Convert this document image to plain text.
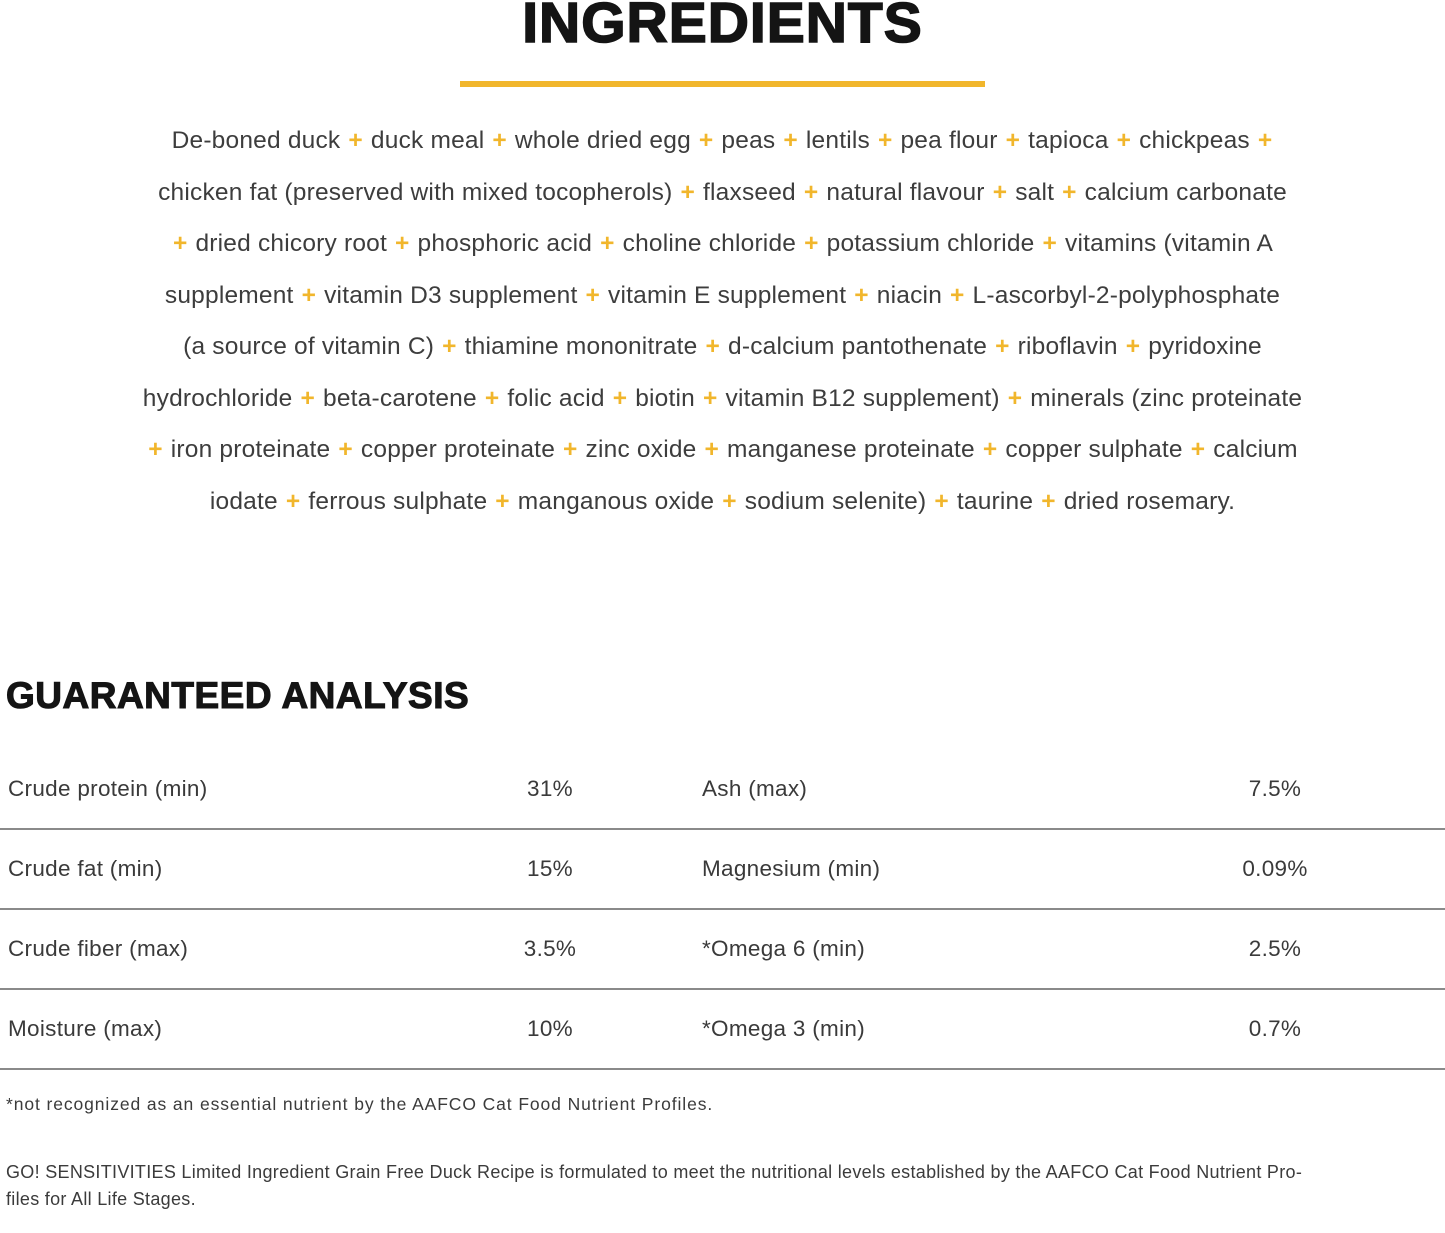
INGREDIENTS
De-boned duck + duck meal + whole dried egg + peas + lentils + pea flour + tapioca + chickpeas +
chicken fat (preserved with mixed tocopherols) + flaxseed + natural flavour + salt + calcium carbonate
+ dried chicory root + phosphoric acid + choline chloride + potassium chloride + vitamins (vitamin A
supplement + vitamin D3 supplement + vitamin E supplement + niacin + L-ascorbyl-2-polyphosphate
(a source of vitamin C) + thiamine mononitrate + d-calcium pantothenate + riboflavin + pyridoxine
hydrochloride + beta-carotene + folic acid + biotin + vitamin B12 supplement) + minerals (zinc proteinate
+ iron proteinate + copper proteinate + zinc oxide + manganese proteinate + copper sulphate + calcium
iodate + ferrous sulphate + manganous oxide + sodium selenite) + taurine + dried rosemary.
GUARANTEED ANALYSIS
Crude protein (min)	31%	Ash (max)	7.5%
Crude fat (min)	15%	Magnesium (min)	0.09%
Crude fiber (max)	3.5%	*Omega 6 (min)	2.5%
Moisture (max)	10%	*Omega 3 (min)	0.7%
*not recognized as an essential nutrient by the AAFCO Cat Food Nutrient Profiles.
GO! SENSITIVITIES Limited Ingredient Grain Free Duck Recipe is formulated to meet the nutritional levels established by the AAFCO Cat Food Nutrient Pro-
files for All Life Stages.
